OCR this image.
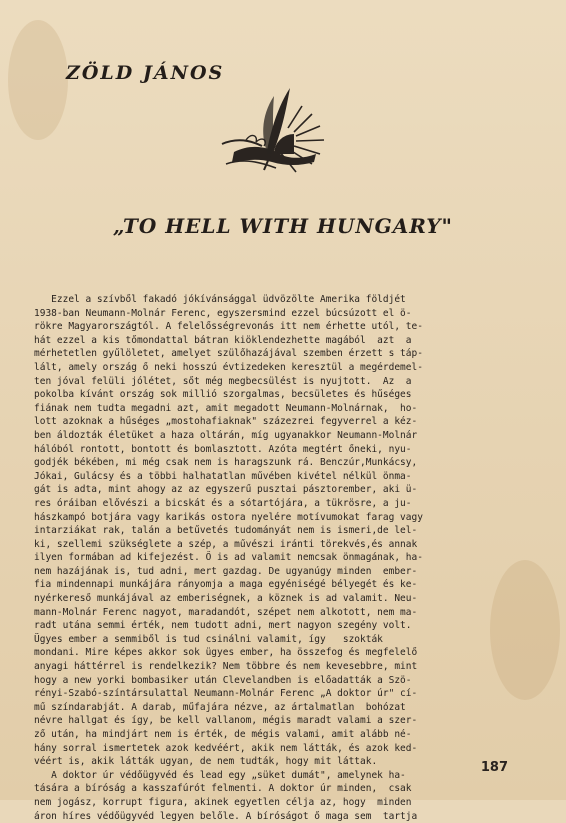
ZÖLD JÁNOS
„TO HELL WITH HUNGARY"
Ezzel a szívből fakadó jókívánsággal üdvözölte Amerika földjét
1938-ban Neumann-Molnár Ferenc, egyszersmind ezzel búcsúzott el ö-
rökre Magyarországtól. A felelősségrevonás itt nem érhette utól, te-
hát ezzel a kis tőmondattal bátran kiöklendezhette magából  azt  a
mérhetetlen gyűlöletet, amelyet szülőhazájával szemben érzett s táp-
lált, amely ország ő neki hosszú évtizedeken keresztül a megérdemel-
ten jóval felüli jólétet, sőt még megbecsülést is nyujtott.  Az  a
pokolba kívánt ország sok millió szorgalmas, becsületes és hűséges
fiának nem tudta megadni azt, amit megadott Neumann-Molnárnak,  ho-
lott azoknak a hűséges „mostohafiaknak" százezrei fegyverrel a kéz-
ben áldozták életüket a haza oltárán, míg ugyanakkor Neumann-Molnár
hálóból rontott, bontott és bomlasztott. Azóta megtért őneki, nyu-
godjék békében, mi még csak nem is haragszunk rá. Benczúr,Munkácsy,
Jókai, Gulácsy és a többi halhatatlan művében kivétel nélkül önma-
gát is adta, mint ahogy az az egyszerű pusztai pásztorember, aki ü-
res óráiban elővészi a bicskát és a sótartójára, a tükrösre, a ju-
hászkampó botjára vagy karikás ostora nyelére motívumokat farag vagy
intarziákat rak, talán a betűvetés tudományát nem is ismeri,de lel-
ki, szellemi szükséglete a szép, a művészi iránti törekvés,és annak
ilyen formában ad kifejezést. Ő is ad valamit nemcsak önmagának, ha-
nem hazájának is, tud adni, mert gazdag. De ugyanúgy minden  ember-
fia mindennapi munkájára rányomja a maga egyéniségé bélyegét és ke-
nyérkereső munkájával az emberiségnek, a köznek is ad valamit. Neu-
mann-Molnár Ferenc nagyot, maradandót, szépet nem alkotott, nem ma-
radt utána semmi érték, nem tudott adni, mert nagyon szegény volt.
Ügyes ember a semmiből is tud csinálni valamit, így   szokták
mondani. Mire képes akkor sok ügyes ember, ha összefog és megfelelő
anyagi háttérrel is rendelkezik? Nem többre és nem kevesebbre, mint
hogy a new yorki bombasiker után Clevelandben is előadatták a Szö-
rényi-Szabó-színtársulattal Neumann-Molnár Ferenc „A doktor úr" cí-
mű színdarabját. A darab, műfajára nézve, az ártalmatlan  bohózat
névre hallgat és így, be kell vallanom, mégis maradt valami a szer-
ző után, ha mindjárt nem is érték, de mégis valami, amit alább né-
hány sorral ismertetek azok kedvéért, akik nem látták, és azok ked-
véért is, akik látták ugyan, de nem tudták, hogy mit láttak.
A doktor úr védőügyvéd és lead egy „süket dumát", amelynek ha-
tására a bíróság a kasszafúrót felmenti. A doktor úr minden,  csak
nem jogász, korrupt figura, akinek egyetlen célja az, hogy  minden
áron híres védőügyvéd legyen belőle. A bíróságot ő maga sem  tartja
187
